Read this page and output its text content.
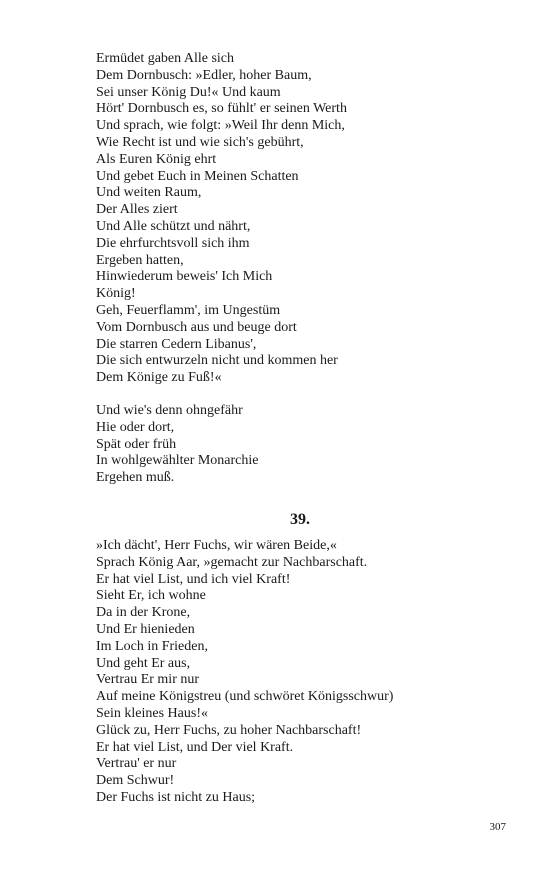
Ermüdet gaben Alle sich
Dem Dornbusch: »Edler, hoher Baum,
Sei unser König Du!« Und kaum
Hört' Dornbusch es, so fühlt' er seinen Werth
Und sprach, wie folgt: »Weil Ihr denn Mich,
Wie Recht ist und wie sich's gebührt,
Als Euren König ehrt
Und gebet Euch in Meinen Schatten
Und weiten Raum,
Der Alles ziert
Und Alle schützt und nährt,
Die ehrfurchtsvoll sich ihm
Ergeben hatten,
Hinwiederum beweis' Ich Mich
König!
Geh, Feuerflamm', im Ungestüm
Vom Dornbusch aus und beuge dort
Die starren Cedern Libanus',
Die sich entwurzeln nicht und kommen her
Dem Könige zu Fuß!«
Und wie's denn ohngefähr
Hie oder dort,
Spät oder früh
In wohlgewählter Monarchie
Ergehen muß.
39.
»Ich dächt', Herr Fuchs, wir wären Beide,«
Sprach König Aar, »gemacht zur Nachbarschaft.
Er hat viel List, und ich viel Kraft!
Sieht Er, ich wohne
Da in der Krone,
Und Er hienieden
Im Loch in Frieden,
Und geht Er aus,
Vertrau Er mir nur
Auf meine Königstreu (und schwöret Königsschwur)
Sein kleines Haus!«
Glück zu, Herr Fuchs, zu hoher Nachbarschaft!
Er hat viel List, und Der viel Kraft.
Vertrau' er nur
Dem Schwur!
Der Fuchs ist nicht zu Haus;
307
